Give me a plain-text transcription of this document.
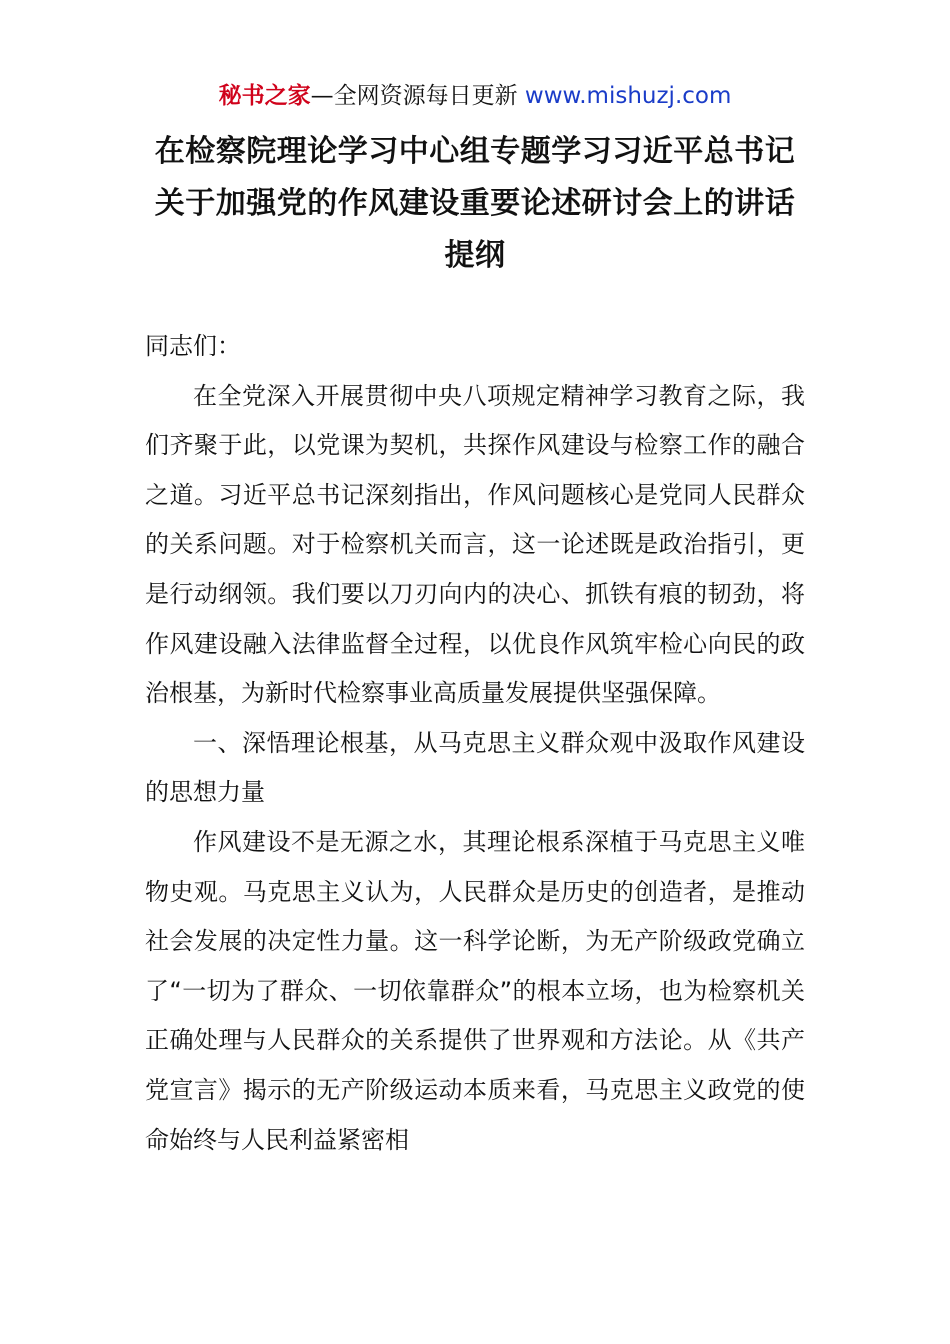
秘书之家—全网资源每日更新 www.mishuzj.com
在检察院理论学习中心组专题学习习近平总书记关于加强党的作风建设重要论述研讨会上的讲话提纲

同志们：

在全党深入开展贯彻中央八项规定精神学习教育之际，我们齐聚于此，以党课为契机，共探作风建设与检察工作的融合之道。习近平总书记深刻指出，作风问题核心是党同人民群众的关系问题。对于检察机关而言，这一论述既是政治指引，更是行动纲领。我们要以刀刃向内的决心、抓铁有痕的韧劲，将作风建设融入法律监督全过程，以优良作风筑牢检心向民的政治根基，为新时代检察事业高质量发展提供坚强保障。

一、深悟理论根基，从马克思主义群众观中汲取作风建设的思想力量

作风建设不是无源之水，其理论根系深植于马克思主义唯物史观。马克思主义认为，人民群众是历史的创造者，是推动社会发展的决定性力量。这一科学论断，为无产阶级政党确立了“一切为了群众、一切依靠群众”的根本立场，也为检察机关正确处理与人民群众的关系提供了世界观和方法论。从《共产党宣言》揭示的无产阶级运动本质来看，马克思主义政党的使命始终与人民利益紧密相
